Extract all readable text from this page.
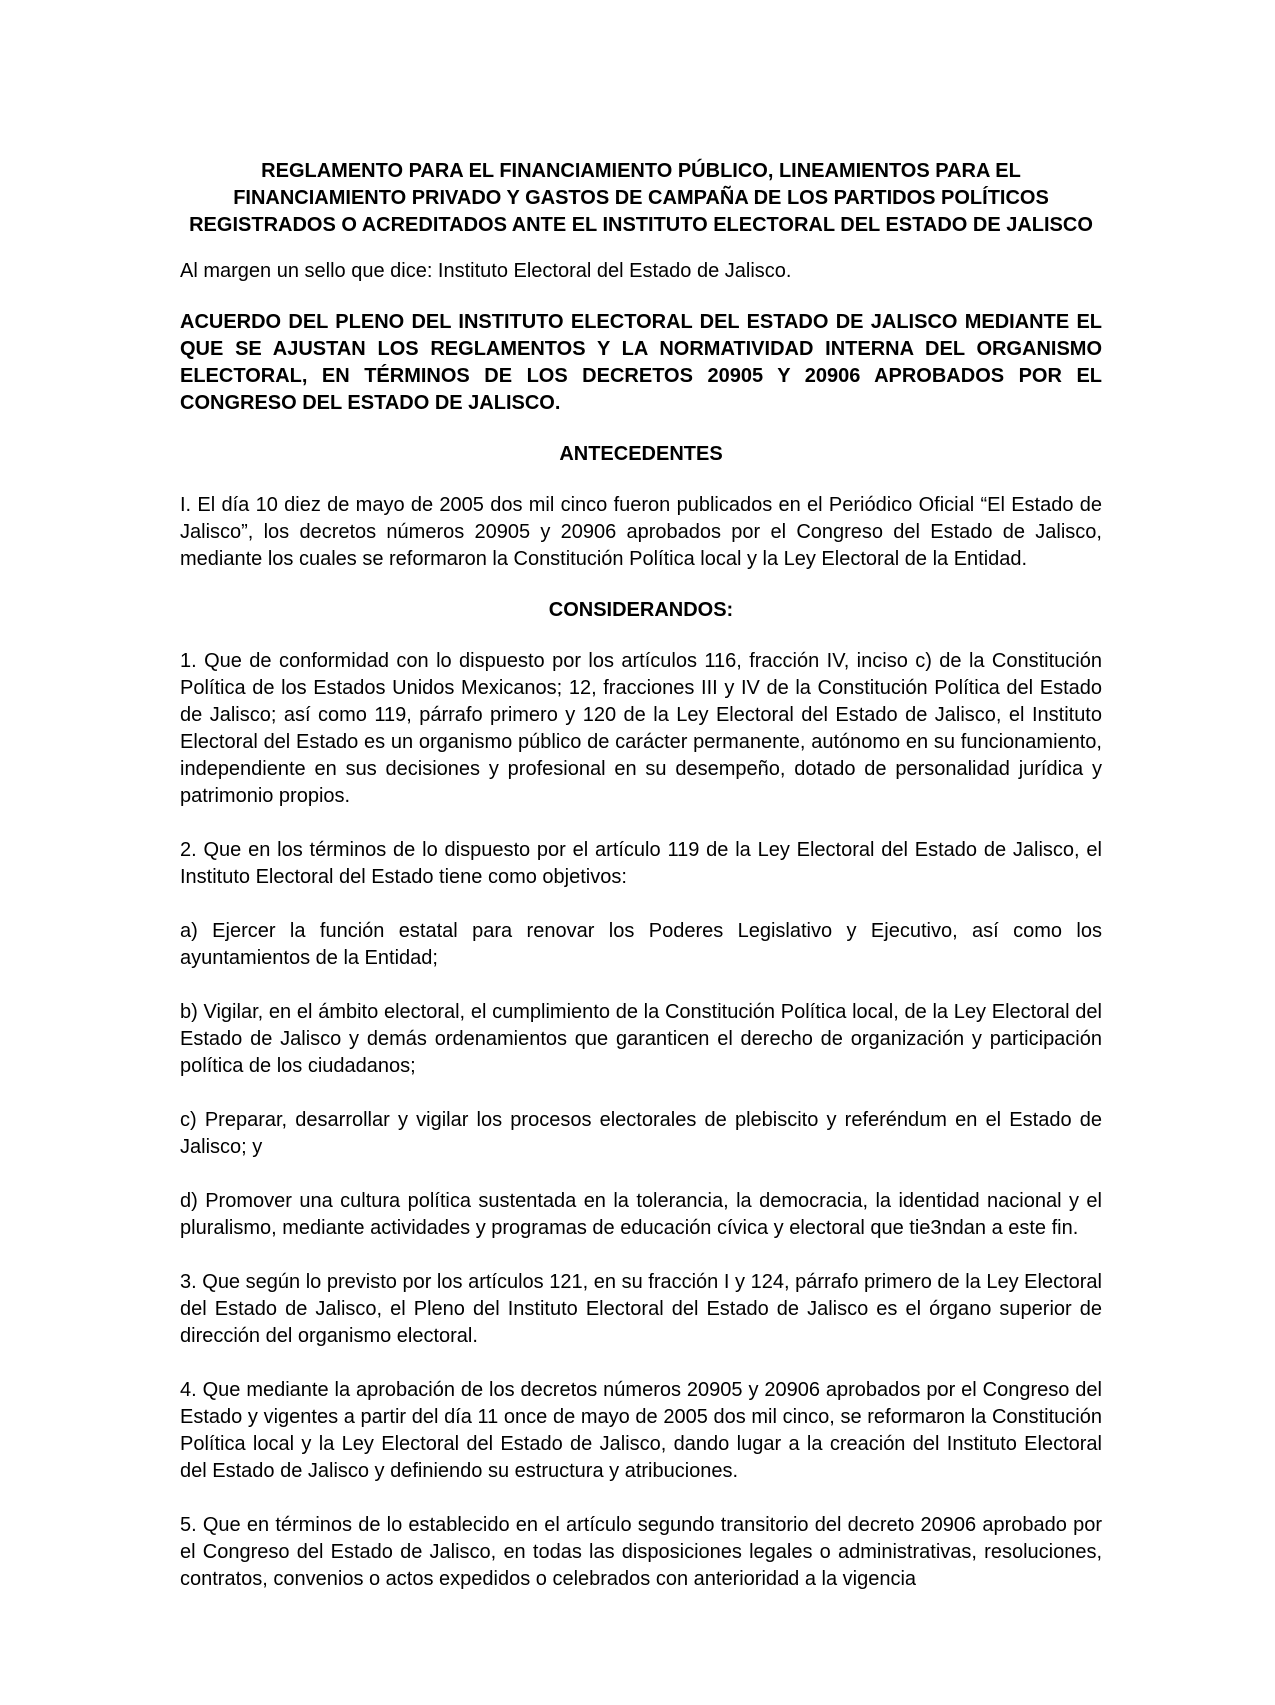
REGLAMENTO PARA EL FINANCIAMIENTO PÚBLICO, LINEAMIENTOS PARA EL FINANCIAMIENTO PRIVADO Y GASTOS DE CAMPAÑA DE LOS PARTIDOS POLÍTICOS REGISTRADOS O ACREDITADOS ANTE EL INSTITUTO ELECTORAL DEL ESTADO DE JALISCO

Al margen un sello que dice: Instituto Electoral del Estado de Jalisco.

ACUERDO DEL PLENO DEL INSTITUTO ELECTORAL DEL ESTADO DE JALISCO MEDIANTE EL QUE SE AJUSTAN LOS REGLAMENTOS Y LA NORMATIVIDAD INTERNA DEL ORGANISMO ELECTORAL, EN TÉRMINOS DE LOS DECRETOS 20905 Y 20906 APROBADOS POR EL CONGRESO DEL ESTADO DE JALISCO.

ANTECEDENTES

I. El día 10 diez de mayo de 2005 dos mil cinco fueron publicados en el Periódico Oficial “El Estado de Jalisco”, los decretos números 20905 y 20906 aprobados por el Congreso del Estado de Jalisco, mediante los cuales se reformaron la Constitución Política local y la Ley Electoral de la Entidad.

CONSIDERANDOS:

1. Que de conformidad con lo dispuesto por los artículos 116, fracción IV, inciso c) de la Constitución Política de los Estados Unidos Mexicanos; 12, fracciones III y IV de la Constitución Política del Estado de Jalisco; así como 119, párrafo primero y 120 de la Ley Electoral del Estado de Jalisco, el Instituto Electoral del Estado es un organismo público de carácter permanente, autónomo en su funcionamiento, independiente en sus decisiones y profesional en su desempeño, dotado de personalidad jurídica y patrimonio propios.

2. Que en los términos de lo dispuesto por el artículo 119 de la Ley Electoral del Estado de Jalisco, el Instituto Electoral del Estado tiene como objetivos:

a) Ejercer la función estatal para renovar los Poderes Legislativo y Ejecutivo, así como los ayuntamientos de la Entidad;

b) Vigilar, en el ámbito electoral, el cumplimiento de la Constitución Política local, de la Ley Electoral del Estado de Jalisco y demás ordenamientos que garanticen el derecho de organización y participación política de los ciudadanos;

c) Preparar, desarrollar y vigilar los procesos electorales de plebiscito y referéndum en el Estado de Jalisco; y

d) Promover una cultura política sustentada en la tolerancia, la democracia, la identidad nacional y el pluralismo, mediante actividades y programas de educación cívica y electoral que tie3ndan a este fin.

3. Que según lo previsto por los artículos 121, en su fracción I y 124, párrafo primero de la Ley Electoral del Estado de Jalisco, el Pleno del Instituto Electoral del Estado de Jalisco es el órgano superior de dirección del organismo electoral.

4. Que mediante la aprobación de los decretos números 20905 y 20906 aprobados por el Congreso del Estado y vigentes a partir del día 11 once de mayo de 2005 dos mil cinco, se reformaron la Constitución Política local y la Ley Electoral del Estado de Jalisco, dando lugar a la creación del Instituto Electoral del Estado de Jalisco y definiendo su estructura y atribuciones.

5. Que en términos de lo establecido en el artículo segundo transitorio del decreto 20906 aprobado por el Congreso del Estado de Jalisco, en todas las disposiciones legales o administrativas, resoluciones, contratos, convenios o actos expedidos o celebrados con anterioridad a la vigencia
